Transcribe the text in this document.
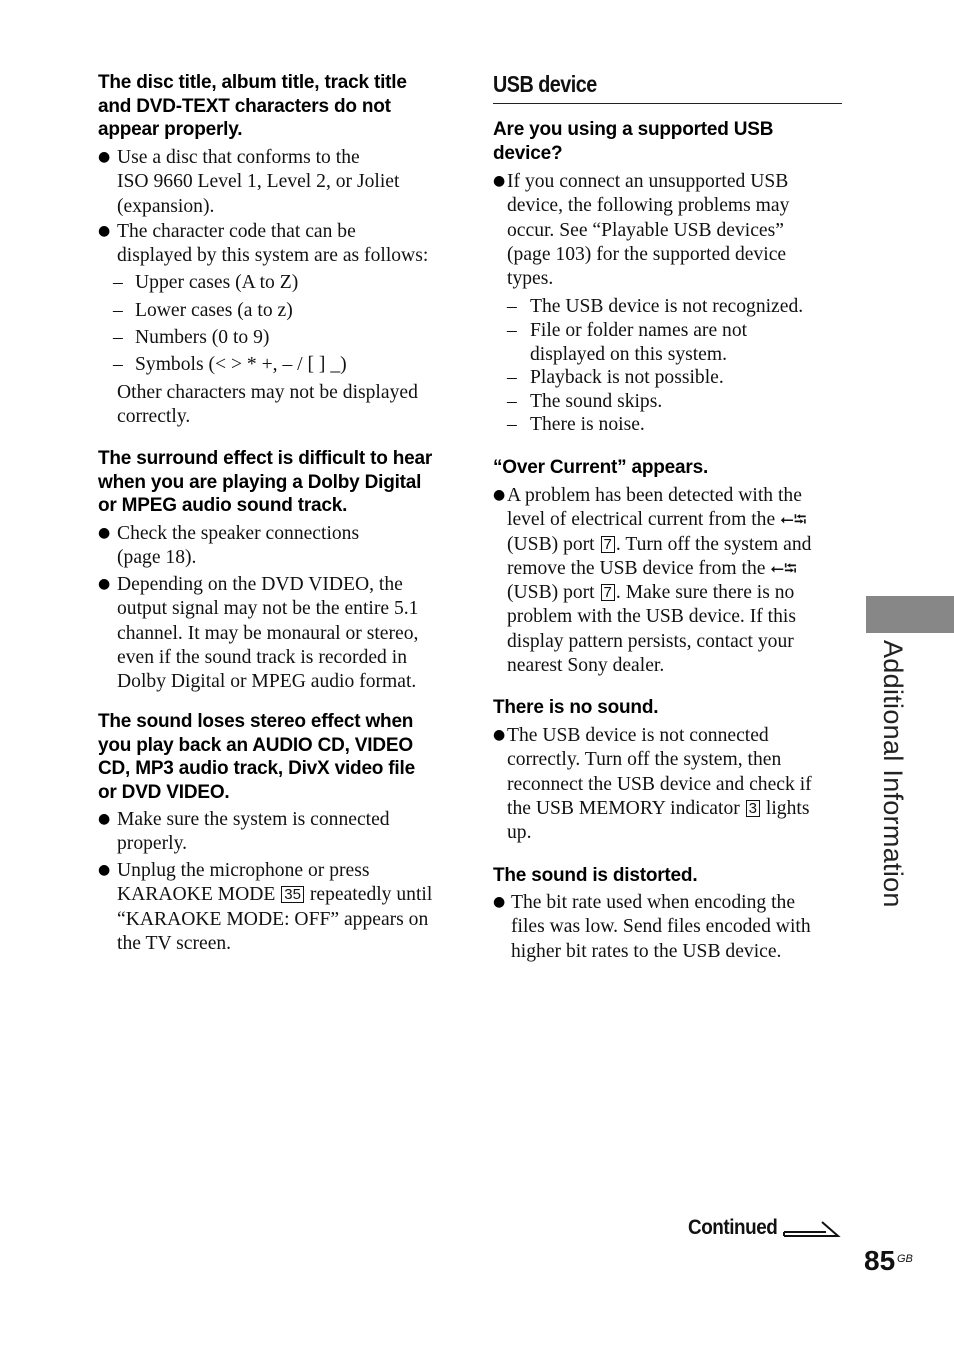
The disc title, album title, track title
and DVD-TEXT characters do not
appear properly.
● Use a disc that conforms to the
ISO 9660 Level 1, Level 2, or Joliet
(expansion).
● The character code that can be
displayed by this system are as follows:
– Upper cases (A to Z)
– Lower cases (a to z)
– Numbers (0 to 9)
– Symbols (< > * +, – / [ ] _)
Other characters may not be displayed
correctly.
The surround effect is difficult to hear
when you are playing a Dolby Digital
or MPEG audio sound track.
● Check the speaker connections
(page 18).
● Depending on the DVD VIDEO, the
output signal may not be the entire 5.1
channel. It may be monaural or stereo,
even if the sound track is recorded in
Dolby Digital or MPEG audio format.
The sound loses stereo effect when
you play back an AUDIO CD, VIDEO
CD, MP3 audio track, DivX video file
or DVD VIDEO.
● Make sure the system is connected
properly.
● Unplug the microphone or press
KARAOKE MODE 35 repeatedly until
“KARAOKE MODE: OFF” appears on
the TV screen.
USB device
Are you using a supported USB
device?
● If you connect an unsupported USB
device, the following problems may
occur. See “Playable USB devices”
(page 103) for the supported device
types.
– The USB device is not recognized.
– File or folder names are not
displayed on this system.
– Playback is not possible.
– The sound skips.
– There is noise.
“Over Current” appears.
● A problem has been detected with the
level of electrical current from the ⭠⭾
(USB) port 7 . Turn off the system and
remove the USB device from the ⭠⭾
(USB) port 7 . Make sure there is no
problem with the USB device. If this
display pattern persists, contact your
nearest Sony dealer.
There is no sound.
● The USB device is not connected
correctly. Turn off the system, then
reconnect the USB device and check if
the USB MEMORY indicator 3 lights
up.
The sound is distorted.
● The bit rate used when encoding the
files was low. Send files encoded with
higher bit rates to the USB device.
Additional Information
Continued
85 GB
